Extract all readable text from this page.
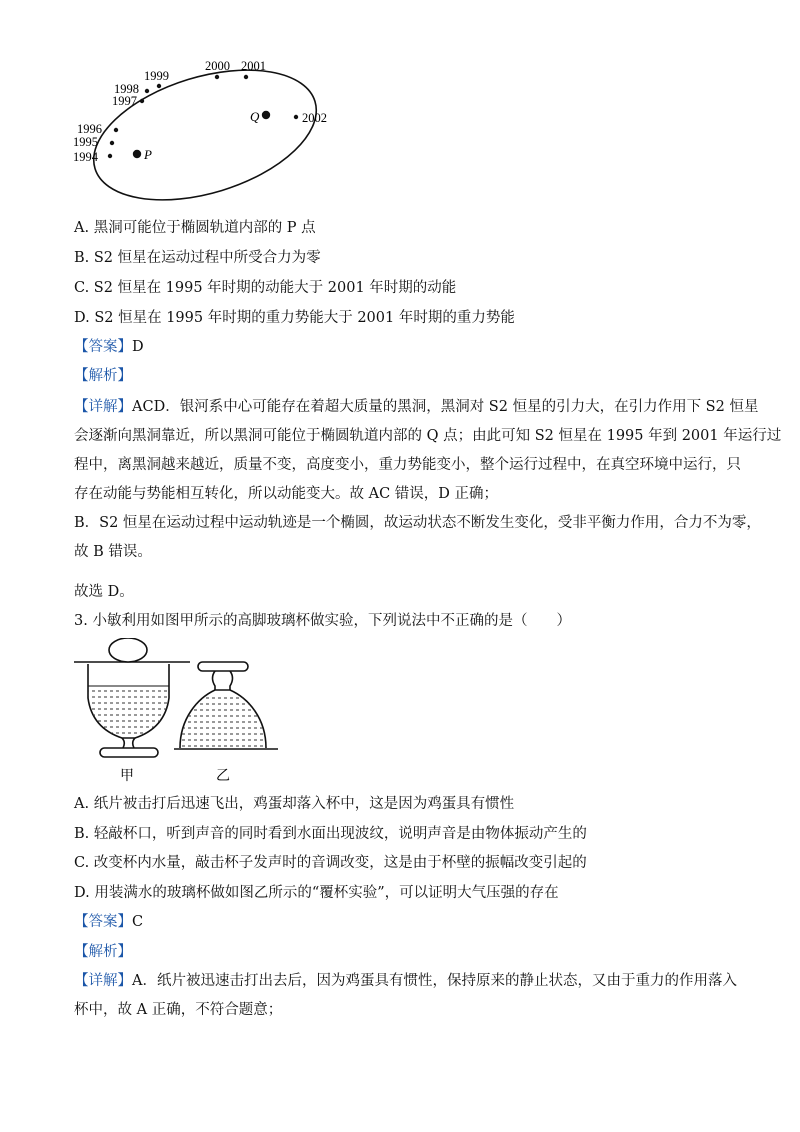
1994
1995
1996
1997
1998
1999
2000 2001
2002
P
Q
A. 黑洞可能位于椭圆轨道内部的 P 点
B. S2 恒星在运动过程中所受合力为零
C. S2 恒星在 1995 年时期的动能大于 2001 年时期的动能
D. S2 恒星在 1995 年时期的重力势能大于 2001 年时期的重力势能
【答案】D
【解析】
【详解】ACD．银河系中心可能存在着超大质量的黑洞，黑洞对 S2 恒星的引力大，在引力作用下 S2 恒星
会逐渐向黑洞靠近，所以黑洞可能位于椭圆轨道内部的 Q 点；由此可知 S2 恒星在 1995 年到 2001 年运行过
程中，离黑洞越来越近，质量不变，高度变小，重力势能变小，整个运行过程中，在真空环境中运行，只
存在动能与势能相互转化，所以动能变大。故 AC 错误，D 正确；
B．S2 恒星在运动过程中运动轨迹是一个椭圆，故运动状态不断发生变化，受非平衡力作用，合力不为零，
故 B 错误。
故选 D。
3. 小敏利用如图甲所示的高脚玻璃杯做实验，下列说法中不正确的是（　　）
甲	乙
A. 纸片被击打后迅速飞出，鸡蛋却落入杯中，这是因为鸡蛋具有惯性
B. 轻敲杯口，听到声音的同时看到水面出现波纹，说明声音是由物体振动产生的
C. 改变杯内水量，敲击杯子发声时的音调改变，这是由于杯壁的振幅改变引起的
D. 用装满水的玻璃杯做如图乙所示的“覆杯实验”，可以证明大气压强的存在
【答案】C
【解析】
【详解】A．纸片被迅速击打出去后，因为鸡蛋具有惯性，保持原来的静止状态，又由于重力的作用落入
杯中，故 A 正确，不符合题意；
